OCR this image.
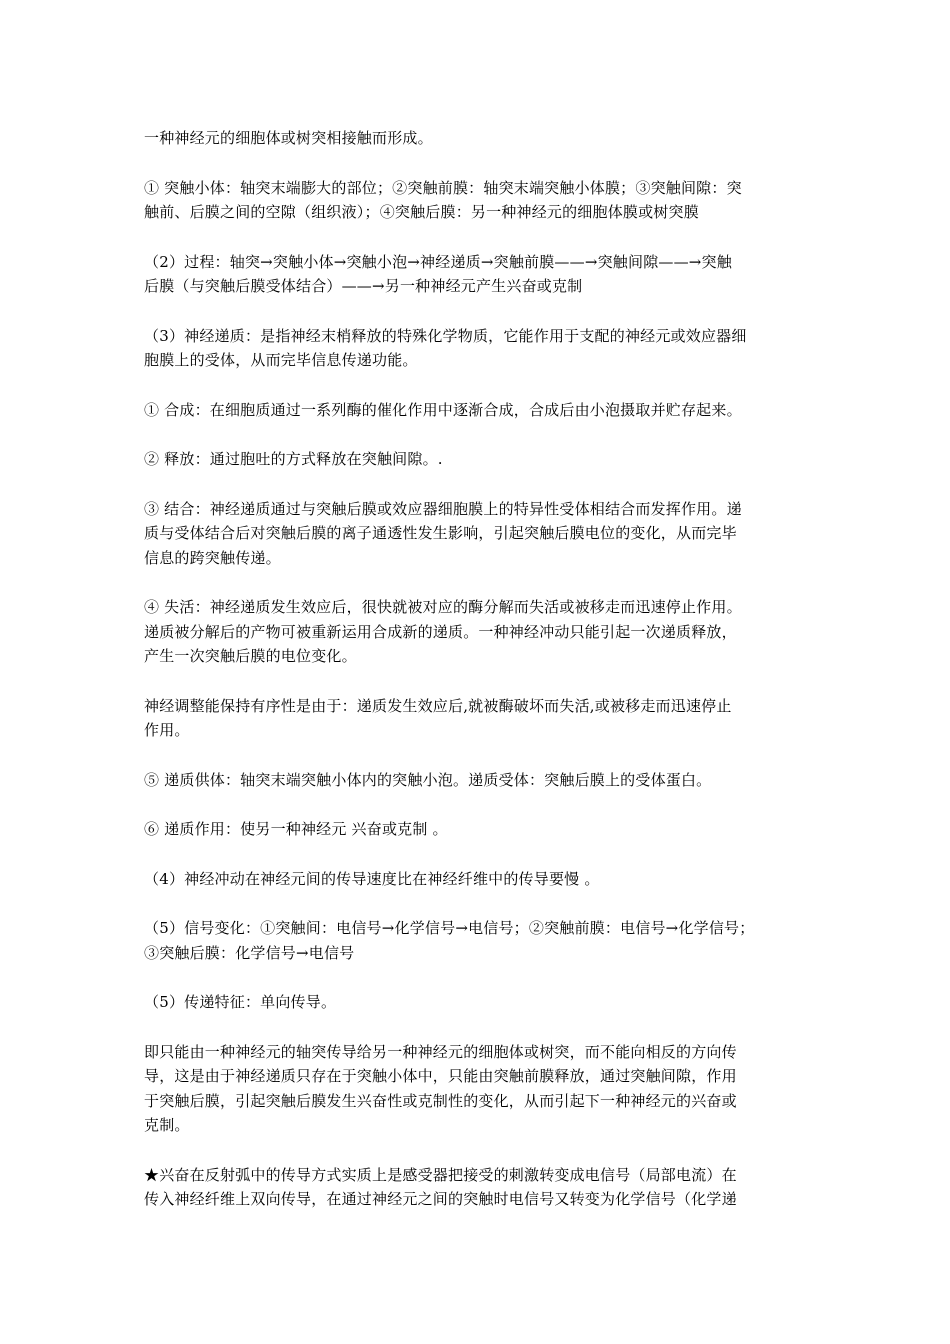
一种神经元的细胞体或树突相接触而形成。

① 突触小体：轴突末端膨大的部位；②突触前膜：轴突末端突触小体膜；③突触间隙：突
触前、后膜之间的空隙（组织液）；④突触后膜：另一种神经元的细胞体膜或树突膜

（2）过程：轴突→突触小体→突触小泡→神经递质→突触前膜——→突触间隙——→突触
后膜（与突触后膜受体结合）——→另一种神经元产生兴奋或克制

（3）神经递质：是指神经末梢释放的特殊化学物质，它能作用于支配的神经元或效应器细
胞膜上的受体，从而完毕信息传递功能。

① 合成：在细胞质通过一系列酶的催化作用中逐渐合成，合成后由小泡摄取并贮存起来。

② 释放：通过胞吐的方式释放在突触间隙。.

③ 结合：神经递质通过与突触后膜或效应器细胞膜上的特异性受体相结合而发挥作用。递
质与受体结合后对突触后膜的离子通透性发生影响，引起突触后膜电位的变化，从而完毕
信息的跨突触传递。

④ 失活：神经递质发生效应后，很快就被对应的酶分解而失活或被移走而迅速停止作用。
递质被分解后的产物可被重新运用合成新的递质。一种神经冲动只能引起一次递质释放，
产生一次突触后膜的电位变化。

神经调整能保持有序性是由于：递质发生效应后,就被酶破坏而失活,或被移走而迅速停止
作用。

⑤ 递质供体：轴突末端突触小体内的突触小泡。递质受体：突触后膜上的受体蛋白。

⑥ 递质作用：使另一种神经元 兴奋或克制 。

（4）神经冲动在神经元间的传导速度比在神经纤维中的传导要慢 。

（5）信号变化：①突触间：电信号→化学信号→电信号；②突触前膜：电信号→化学信号；
③突触后膜：化学信号→电信号

（5）传递特征：单向传导。

即只能由一种神经元的轴突传导给另一种神经元的细胞体或树突，而不能向相反的方向传
导，这是由于神经递质只存在于突触小体中，只能由突触前膜释放，通过突触间隙，作用
于突触后膜，引起突触后膜发生兴奋性或克制性的变化，从而引起下一种神经元的兴奋或
克制。

★兴奋在反射弧中的传导方式实质上是感受器把接受的刺激转变成电信号（局部电流）在
传入神经纤维上双向传导，在通过神经元之间的突触时电信号又转变为化学信号（化学递
